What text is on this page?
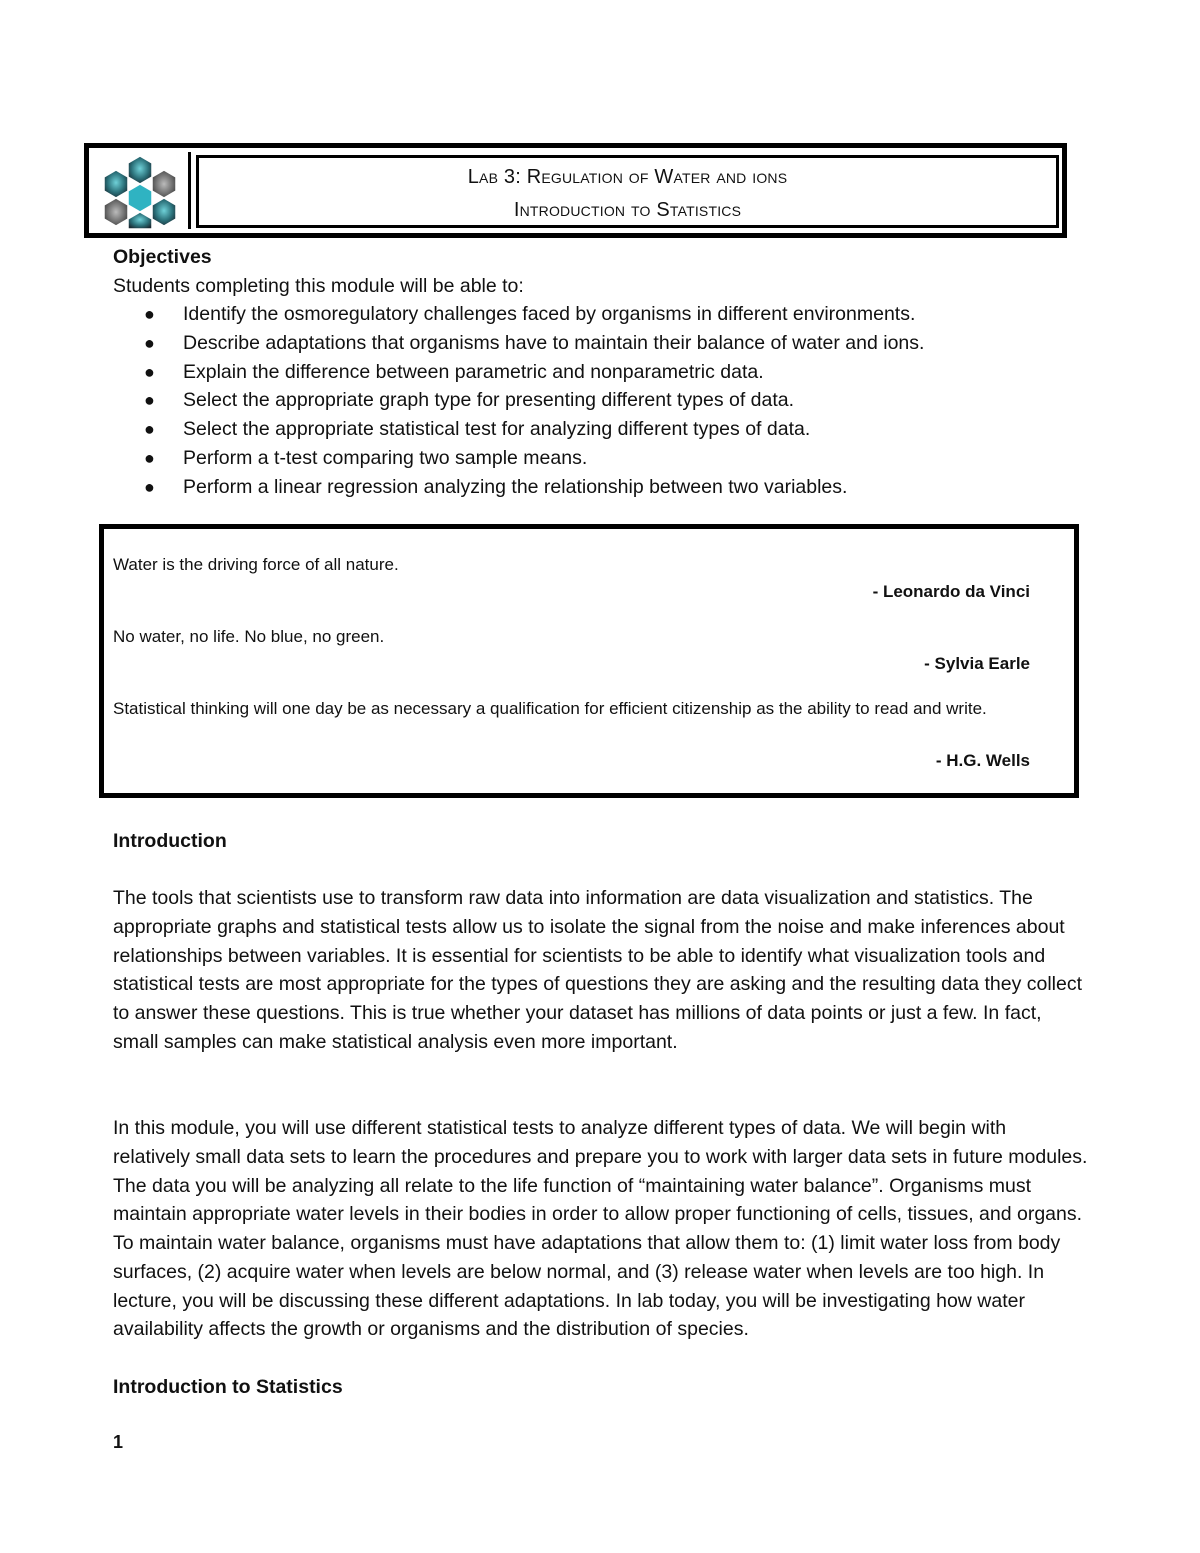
Lab 3: Regulation of Water and ions
Introduction to Statistics
Objectives
Students completing this module will be able to:
● Identify the osmoregulatory challenges faced by organisms in different environments.
● Describe adaptations that organisms have to maintain their balance of water and ions.
● Explain the difference between parametric and nonparametric data.
● Select the appropriate graph type for presenting different types of data.
● Select the appropriate statistical test for analyzing different types of data.
● Perform a t-test comparing two sample means.
● Perform a linear regression analyzing the relationship between two variables.
Water is the driving force of all nature.
- Leonardo da Vinci
No water, no life. No blue, no green.
- Sylvia Earle
Statistical thinking will one day be as necessary a qualification for efficient citizenship as the ability to read and write.
- H.G. Wells
Introduction
The tools that scientists use to transform raw data into information are data visualization and statistics. The appropriate graphs and statistical tests allow us to isolate the signal from the noise and make inferences about relationships between variables. It is essential for scientists to be able to identify what visualization tools and statistical tests are most appropriate for the types of questions they are asking and the resulting data they collect to answer these questions. This is true whether your dataset has millions of data points or just a few. In fact, small samples can make statistical analysis even more important.
In this module, you will use different statistical tests to analyze different types of data. We will begin with relatively small data sets to learn the procedures and prepare you to work with larger data sets in future modules. The data you will be analyzing all relate to the life function of “maintaining water balance”. Organisms must maintain appropriate water levels in their bodies in order to allow proper functioning of cells, tissues, and organs. To maintain water balance, organisms must have adaptations that allow them to: (1) limit water loss from body surfaces, (2) acquire water when levels are below normal, and (3) release water when levels are too high. In lecture, you will be discussing these different adaptations. In lab today, you will be investigating how water availability affects the growth or organisms and the distribution of species.
Introduction to Statistics
1
